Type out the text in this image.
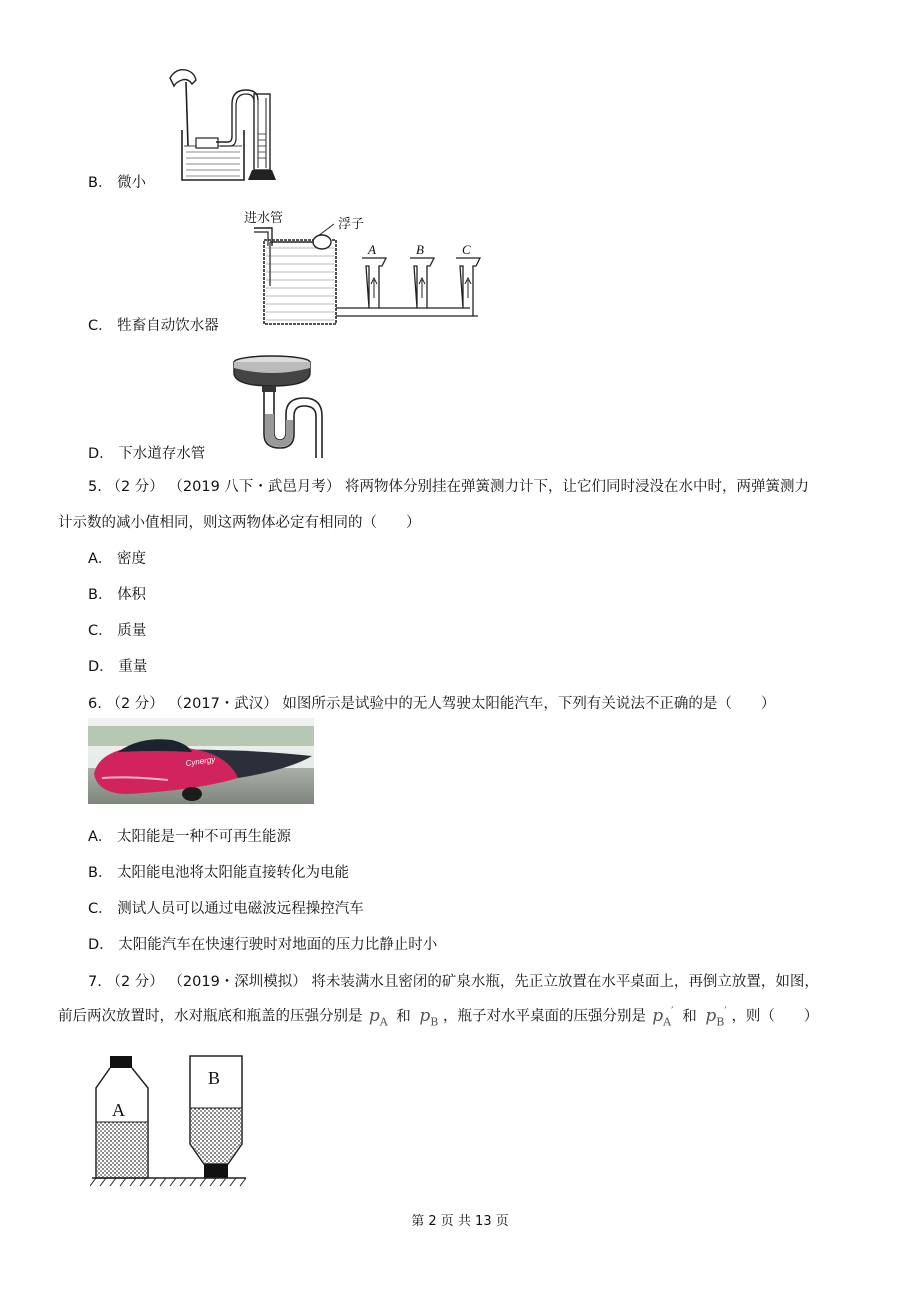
B． 微小
进水管	浮子
A	B	C
C． 牲畜自动饮水器
D． 下水道存水管
5. （2 分） （2019 八下・武邑月考） 将两物体分别挂在弹簧测力计下，让它们同时浸没在水中时，两弹簧测力
计示数的减小值相同，则这两物体必定有相同的（　　）
A． 密度
B． 体积
C． 质量
D． 重量
6. （2 分） （2017・武汉） 如图所示是试验中的无人驾驶太阳能汽车，下列有关说法不正确的是（　　）
Cynergy
A． 太阳能是一种不可再生能源
B． 太阳能电池将太阳能直接转化为电能
C． 测试人员可以通过电磁波远程操控汽车
D． 太阳能汽车在快速行驶时对地面的压力比静止时小
7. （2 分） （2019・深圳模拟） 将未装满水且密闭的矿泉水瓶，先正立放置在水平桌面上，再倒立放置，如图，
前后两次放置时，水对瓶底和瓶盖的压强分别是   $p_A$ 和 $p_B$ ，瓶子对水平桌面的压强分别是   $p_A'$ 和 $p_B'$ ，则（　　）
A
B
第 2 页 共 13 页
